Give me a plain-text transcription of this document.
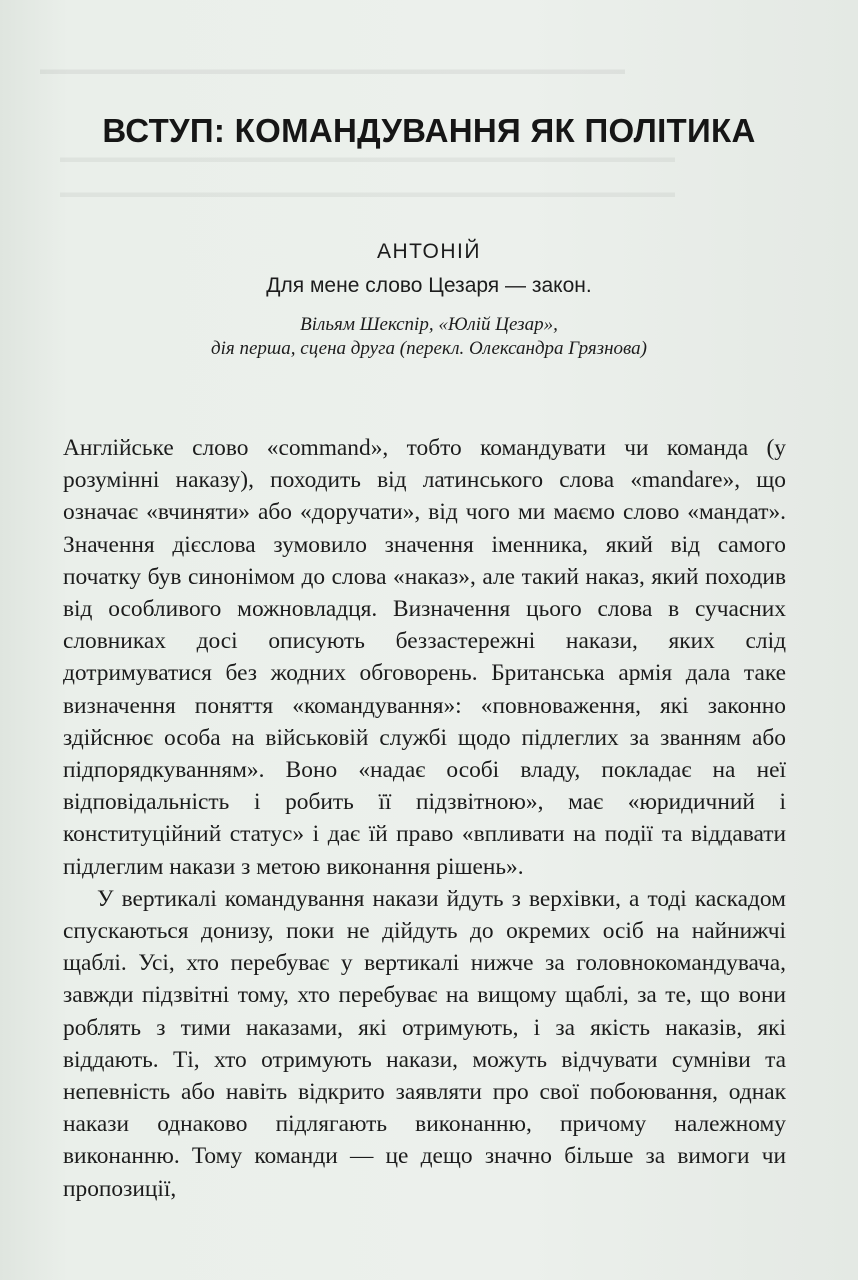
▬▬▬▬▬▬▬▬▬▬▬▬▬▬▬▬▬▬▬▬▬▬▬▬▬▬▬▬▬▬▬▬▬▬▬▬▬▬▬
▬▬▬▬▬▬▬▬▬▬▬▬▬▬▬▬▬▬▬▬▬▬▬▬▬▬▬▬▬▬▬▬▬▬▬▬▬▬▬▬▬
▬▬▬▬▬▬▬▬▬▬▬▬▬▬▬▬▬▬▬▬▬▬▬▬▬▬▬▬▬▬▬▬▬▬▬▬▬▬▬▬▬
ВСТУП: КОМАНДУВАННЯ ЯК ПОЛІТИКА
АНТОНІЙ
Для мене слово Цезаря — закон.
Вільям Шекспір, «Юлій Цезар»,
дія перша, сцена друга (перекл. Олександра Грязнова)

Англійське слово «command», тобто командувати чи команда (у розумінні наказу), походить від латинського слова «mandare», що означає «вчиняти» або «доручати», від чого ми маємо слово «мандат». Значення дієслова зумовило значення іменника, який від самого початку був синонімом до слова «наказ», але такий наказ, який походив від особливого можновладця. Визначення цього слова в сучасних словниках досі описують беззастережні накази, яких слід дотримуватися без жодних обговорень. Британська армія дала таке визначення поняття «командування»: «повноваження, які законно здійснює особа на військовій службі щодо підлеглих за званням або підпорядкуванням». Воно «надає особі владу, покладає на неї відповідальність і робить її підзвітною», має «юридичний і конституційний статус» і дає їй право «впливати на події та віддавати підлеглим накази з метою виконання рішень».

У вертикалі командування накази йдуть з верхівки, а тоді каскадом спускаються донизу, поки не дійдуть до окремих осіб на найнижчі щаблі. Усі, хто перебуває у вертикалі нижче за головнокомандувача, завжди підзвітні тому, хто перебуває на вищому щаблі, за те, що вони роблять з тими наказами, які отримують, і за якість наказів, які віддають. Ті, хто отримують накази, можуть відчувати сумніви та непевність або навіть відкрито заявляти про свої побоювання, однак накази однаково підлягають виконанню, причому належному виконанню. Тому команди — це дещо значно більше за вимоги чи пропозиції,
